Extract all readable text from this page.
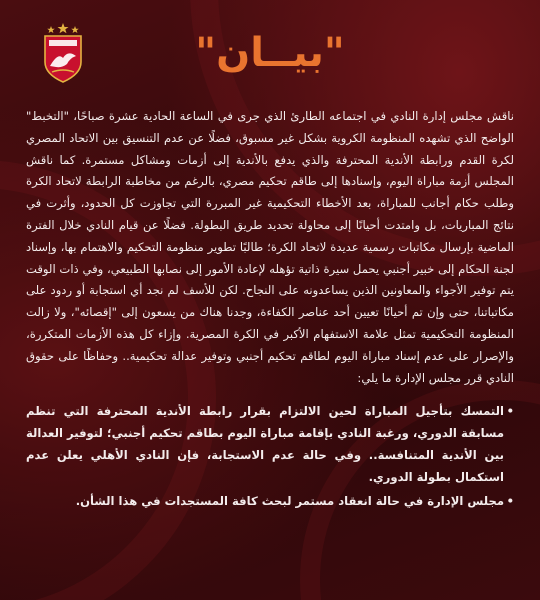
"بيــان"

ناقش مجلس إدارة النادي في اجتماعه الطارئ الذي جرى في الساعة الحادية عشرة صباحًا، "التخبط" الواضح الذي تشهده المنظومة الكروية بشكل غير مسبوق، فضلًا عن عدم التنسيق بين الاتحاد المصري لكرة القدم ورابطة الأندية المحترفة والذي يدفع بالأندية إلى أزمات ومشاكل مستمرة. كما ناقش المجلس أزمة مباراة اليوم، وإسنادها إلى طاقم تحكيم مصري، بالرغم من مخاطبة الرابطة لاتحاد الكرة وطلب حكام أجانب للمباراة، بعد الأخطاء التحكيمية غير المبررة التي تجاوزت كل الحدود، وأثرت في نتائج المباريات، بل وامتدت أحيانًا إلى محاولة تحديد طريق البطولة. فضلًا عن قيام النادي خلال الفترة الماضية بإرسال مكاتبات رسمية عديدة لاتحاد الكرة؛ طالبًا تطوير منظومة التحكيم والاهتمام بها، وإسناد لجنة الحكام إلى خبير أجنبي يحمل سيرة ذاتية تؤهله لإعادة الأمور إلى نصابها الطبيعي، وفي ذات الوقت يتم توفير الأجواء والمعاونين الذين يساعدونه على النجاح. لكن للأسف لم نجد أي استجابة أو ردود على مكاتباتنا، حتى وإن تم أحيانًا تعيين أحد عناصر الكفاءة، وجدنا هناك من يسعون إلى "إقصائه"، ولا زالت المنظومة التحكيمية تمثل علامة الاستفهام الأكبر في الكرة المصرية. وإزاء كل هذه الأزمات المتكررة، والإصرار على عدم إسناد مباراة اليوم لطاقم تحكيم أجنبي وتوفير عدالة تحكيمية.. وحفاظًا على حقوق النادي قرر مجلس الإدارة ما يلي:

• التمسك بتأجيل المباراة لحين الالتزام بقرار رابطة الأندية المحترفة التي تنظم مسابقة الدوري، ورغبة النادي بإقامة مباراة اليوم بطاقم تحكيم أجنبي؛ لتوفير العدالة بين الأندية المتنافسة.. وفي حالة عدم الاستجابة، فإن النادي الأهلي يعلن عدم استكمال بطولة الدوري.
• مجلس الإدارة في حالة انعقاد مستمر لبحث كافة المستجدات في هذا الشأن.
